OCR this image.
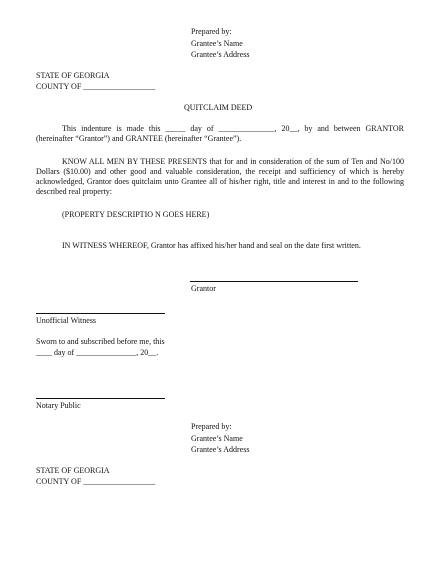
Prepared by:
Grantee’s Name
Grantee’s Address
STATE OF GEORGIA
COUNTY OF __________________
QUITCLAIM DEED
This indenture is made this _____ day of ______________, 20__, by and between GRANTOR (hereinafter “Grantor”) and GRANTEE (hereinafter “Grantee”).
KNOW ALL MEN BY THESE PRESENTS that for and in consideration of the sum of Ten and No/100 Dollars ($10.00) and other good and valuable consideration, the receipt and sufficiency of which is hereby acknowledged, Grantor does quitclaim unto Grantee all of his/her right, title and interest in and to the following described real property:
(PROPERTY DESCRIPTIO N GOES HERE)
IN WITNESS WHEREOF, Grantor has affixed his/her hand and seal on the date first written.
Grantor
Unofficial Witness
Sworn to and subscribed before me, this
____ day of _______________, 20__.
Notary Public
Prepared by:
Grantee’s Name
Grantee’s Address
STATE OF GEORGIA
COUNTY OF __________________
